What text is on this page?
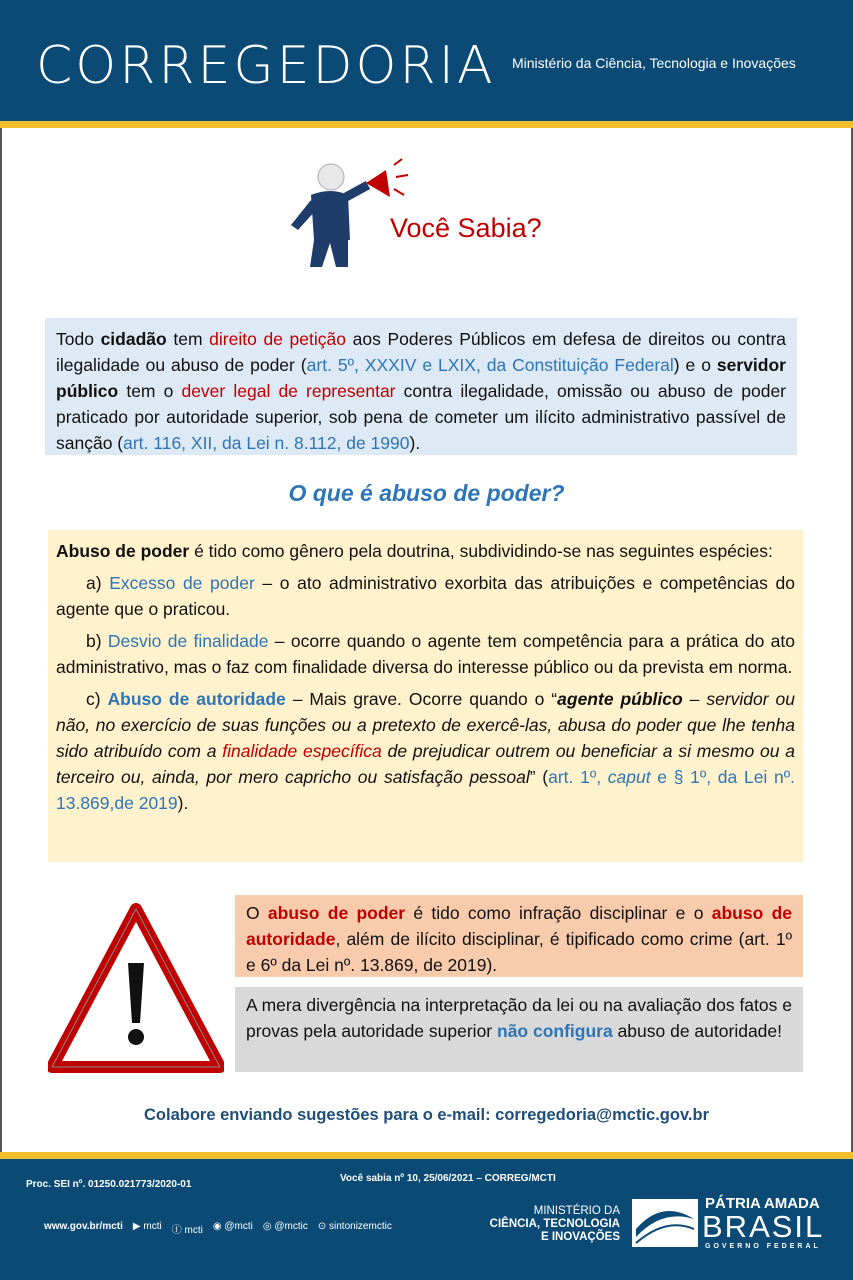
CORREGEDORIA Ministério da Ciência, Tecnologia e Inovações
Você Sabia?
Todo cidadão tem direito de petição aos Poderes Públicos em defesa de direitos ou contra ilegalidade ou abuso de poder (art. 5º, XXXIV e LXIX, da Constituição Federal) e o servidor público tem o dever legal de representar contra ilegalidade, omissão ou abuso de poder praticado por autoridade superior, sob pena de cometer um ilícito administrativo passível de sanção (art. 116, XII, da Lei n. 8.112, de 1990).
O que é abuso de poder?

Abuso de poder é tido como gênero pela doutrina, subdividindo-se nas seguintes espécies:

a) Excesso de poder – o ato administrativo exorbita das atribuições e competências do agente que o praticou.

b) Desvio de finalidade – ocorre quando o agente tem competência para a prática do ato administrativo, mas o faz com finalidade diversa do interesse público ou da prevista em norma.

c) Abuso de autoridade – Mais grave. Ocorre quando o “agente público – servidor ou não, no exercício de suas funções ou a pretexto de exercê-las, abusa do poder que lhe tenha sido atribuído com a finalidade específica de prejudicar outrem ou beneficiar a si mesmo ou a terceiro ou, ainda, por mero capricho ou satisfação pessoal” (art. 1º, caput e § 1º, da Lei nº. 13.869,de 2019).

O abuso de poder é tido como infração disciplinar e o abuso de autoridade, além de ilícito disciplinar, é tipificado como crime (art. 1º e 6º da Lei nº. 13.869, de 2019).
A mera divergência na interpretação da lei ou na avaliação dos fatos e provas pela autoridade superior não configura abuso de autoridade!
Colabore enviando sugestões para o e-mail: corregedoria@mctic.gov.br
Proc. SEI nº. 01250.021773/2020-01
Você sabia nº 10, 25/06/2021 – CORREG/MCTI
www.gov.br/mcti ▶ mcti ⓕ mcti ◉ @mcti ◎ @mctic ⊙ sintonizemctic
MINISTÉRIO DA
CIÊNCIA, TECNOLOGIA
E INOVAÇÕES
PÁTRIA AMADA
BRASIL
GOVERNO FEDERAL
